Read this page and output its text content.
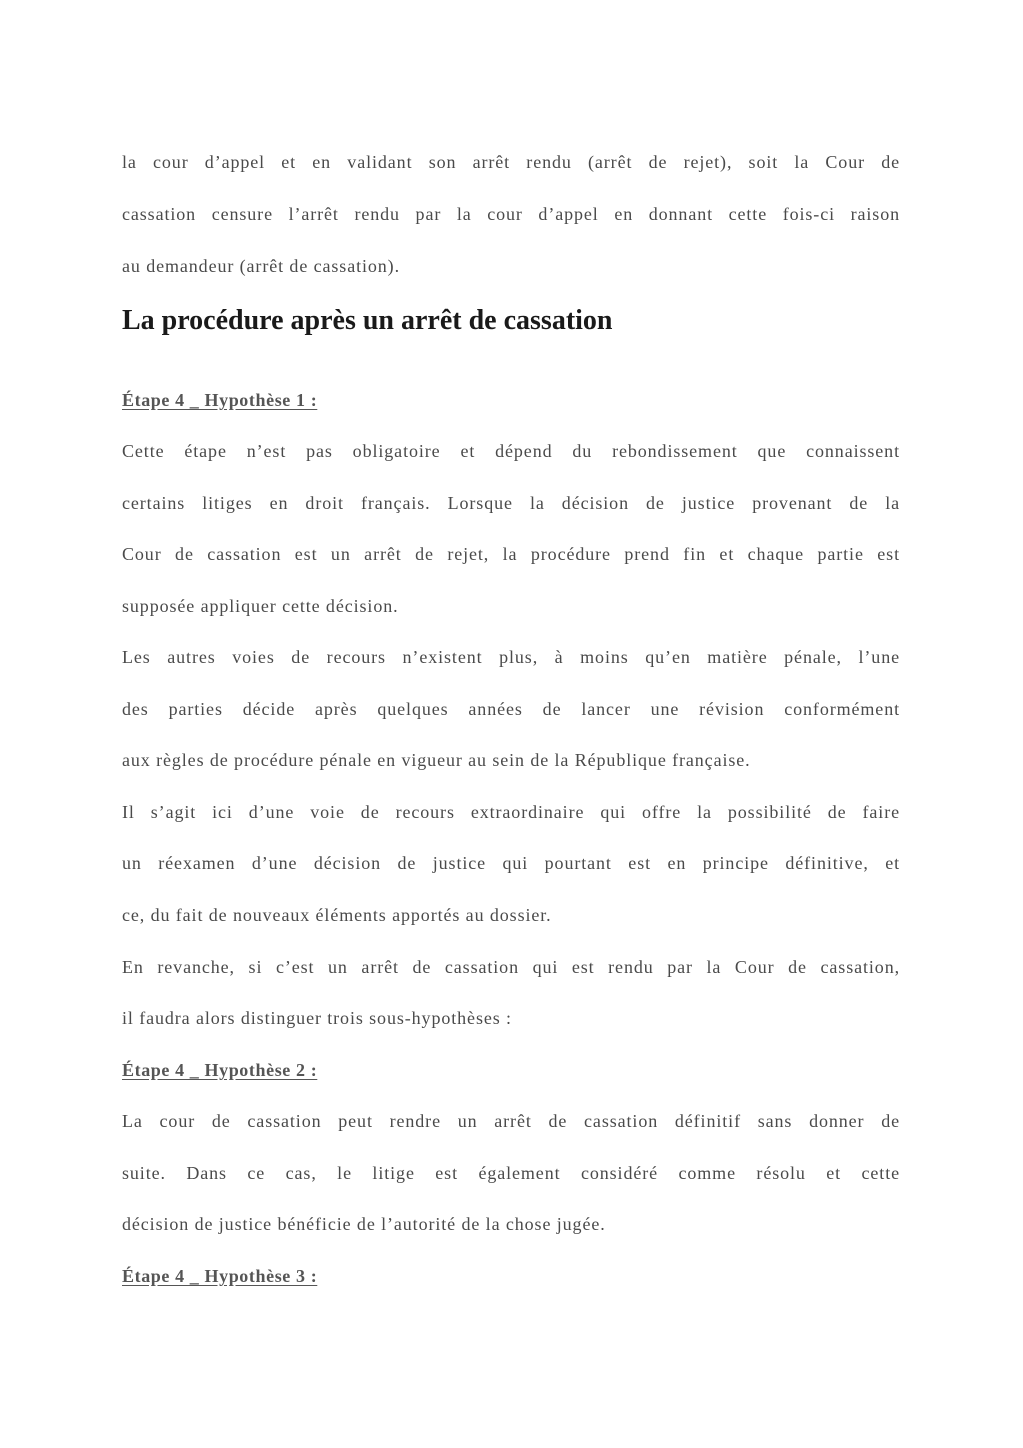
la cour d’appel et en validant son arrêt rendu (arrêt de rejet), soit la Cour de
cassation censure l’arrêt rendu par la cour d’appel en donnant cette fois-ci raison
au demandeur (arrêt de cassation).
La procédure après un arrêt de cassation
Étape 4 _ Hypothèse 1 :
Cette étape n’est pas obligatoire et dépend du rebondissement que connaissent
certains litiges en droit français. Lorsque la décision de justice provenant de la
Cour de cassation est un arrêt de rejet, la procédure prend fin et chaque partie est
supposée appliquer cette décision.
Les autres voies de recours n’existent plus, à moins qu’en matière pénale, l’une
des parties décide après quelques années de lancer une révision conformément
aux règles de procédure pénale en vigueur au sein de la République française.
Il s’agit ici d’une voie de recours extraordinaire qui offre la possibilité de faire
un réexamen d’une décision de justice qui pourtant est en principe définitive, et
ce, du fait de nouveaux éléments apportés au dossier.
En revanche, si c’est un arrêt de cassation qui est rendu par la Cour de cassation,
il faudra alors distinguer trois sous-hypothèses :
Étape 4 _ Hypothèse 2 :
La cour de cassation peut rendre un arrêt de cassation définitif sans donner de
suite. Dans ce cas, le litige est également considéré comme résolu et cette
décision de justice bénéficie de l’autorité de la chose jugée.
Étape 4 _ Hypothèse 3 :
